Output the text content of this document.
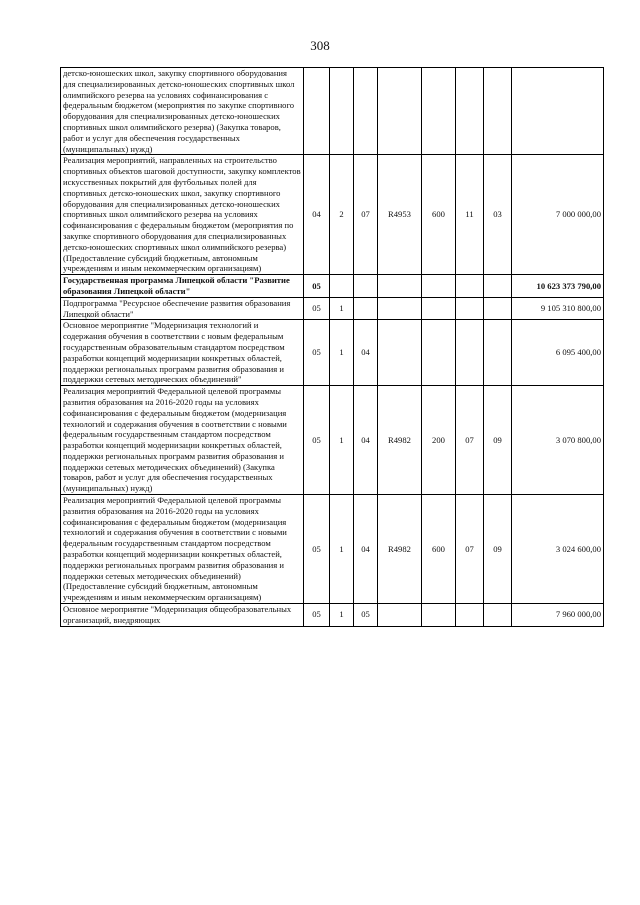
308
детско-юношеских школ, закупку спортивного оборудования для специализированных детско-юношеских спортивных школ олимпийского резерва на условиях софинансирования с федеральным бюджетом (мероприятия по закупке спортивного оборудования для специализированных детско-юношеских спортивных школ олимпийского резерва) (Закупка товаров, работ и услуг для обеспечения государственных (муниципальных) нужд)								
Реализация мероприятий, направленных на строительство спортивных объектов шаговой доступности, закупку комплектов искусственных покрытий для футбольных полей для спортивных детско-юношеских школ, закупку спортивного оборудования для специализированных детско-юношеских спортивных школ олимпийского резерва на условиях софинансирования с федеральным бюджетом (мероприятия по закупке спортивного оборудования для специализированных детско-юношеских спортивных школ олимпийского резерва) (Предоставление субсидий бюджетным, автономным учреждениям и иным некоммерческим организациям)	04	2	07	R4953	600	11	03	7 000 000,00
Государственная программа Липецкой области "Развитие образования Липецкой области"	05							10 623 373 790,00
Подпрограмма "Ресурсное обеспечение развития образования Липецкой области"	05	1						9 105 310 800,00
Основное мероприятие "Модернизация технологий и содержания обучения в соответствии с новым федеральным государственным образовательным стандартом посредством разработки концепций модернизации конкретных областей, поддержки региональных программ развития образования и поддержки сетевых методических объединений"	05	1	04					6 095 400,00
Реализация мероприятий Федеральной целевой программы развития образования на 2016-2020 годы на условиях софинансирования с федеральным бюджетом (модернизация технологий и содержания обучения в соответствии с новыми федеральным государственным стандартом посредством разработки концепций модернизации конкретных областей, поддержки региональных программ развития образования и поддержки сетевых методических объединений) (Закупка товаров, работ и услуг для обеспечения государственных (муниципальных) нужд)	05	1	04	R4982	200	07	09	3 070 800,00
Реализация мероприятий Федеральной целевой программы развития образования на 2016-2020 годы на условиях софинансирования с федеральным бюджетом (модернизация технологий и содержания обучения в соответствии с новыми федеральным государственным стандартом посредством разработки концепций модернизации конкретных областей, поддержки региональных программ развития образования и поддержки сетевых методических объединений) (Предоставление субсидий бюджетным, автономным учреждениям и иным некоммерческим организациям)	05	1	04	R4982	600	07	09	3 024 600,00
Основное мероприятие "Модернизация общеобразовательных организаций, внедряющих	05	1	05					7 960 000,00
